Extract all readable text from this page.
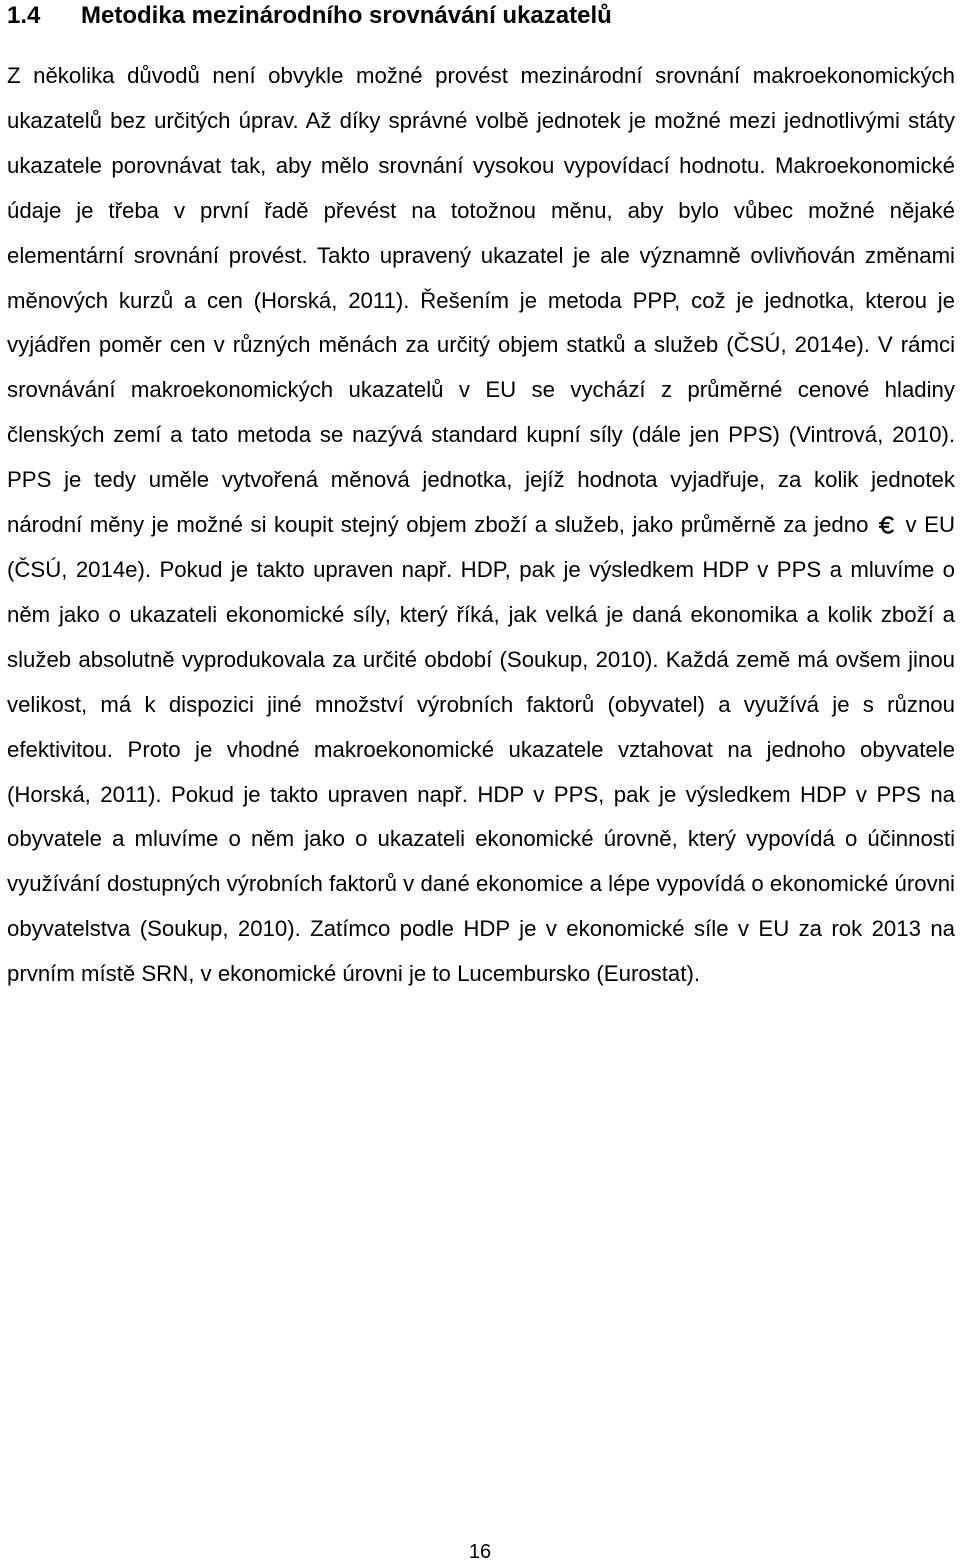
1.4 Metodika mezinárodního srovnávání ukazatelů

Z několika důvodů není obvykle možné provést mezinárodní srovnání makroekonomických ukazatelů bez určitých úprav. Až díky správné volbě jednotek je možné mezi jednotlivými státy ukazatele porovnávat tak, aby mělo srovnání vysokou vypovídací hodnotu. Makroekonomické údaje je třeba v první řadě převést na totožnou měnu, aby bylo vůbec možné nějaké elementární srovnání provést. Takto upravený ukazatel je ale významně ovlivňován změnami měnových kurzů a cen (Horská, 2011). Řešením je metoda PPP, což je jednotka, kterou je vyjádřen poměr cen v různých měnách za určitý objem statků a služeb (ČSÚ, 2014e). V rámci srovnávání makroekonomických ukazatelů v EU se vychází z průměrné cenové hladiny členských zemí a tato metoda se nazývá standard kupní síly (dále jen PPS) (Vintrová, 2010). PPS je tedy uměle vytvořená měnová jednotka, jejíž hodnota vyjadřuje, za kolik jednotek národní měny je možné si koupit stejný objem zboží a služeb, jako průměrně za jedno v EU (ČSÚ, 2014e). Pokud je takto upraven např. HDP, pak je výsledkem HDP v PPS a mluvíme o něm jako o ukazateli ekonomické síly, který říká, jak velká je daná ekonomika a kolik zboží a služeb absolutně vyprodukovala za určité období (Soukup, 2010). Každá země má ovšem jinou velikost, má k dispozici jiné množství výrobních faktorů (obyvatel) a využívá je s různou efektivitou. Proto je vhodné makroekonomické ukazatele vztahovat na jednoho obyvatele (Horská, 2011). Pokud je takto upraven např. HDP v PPS, pak je výsledkem HDP v PPS na obyvatele a mluvíme o něm jako o ukazateli ekonomické úrovně, který vypovídá o účinnosti využívání dostupných výrobních faktorů v dané ekonomice a lépe vypovídá o ekonomické úrovni obyvatelstva (Soukup, 2010). Zatímco podle HDP je v ekonomické síle v EU za rok 2013 na prvním místě SRN, v ekonomické úrovni je to Lucembursko (Eurostat).

16
